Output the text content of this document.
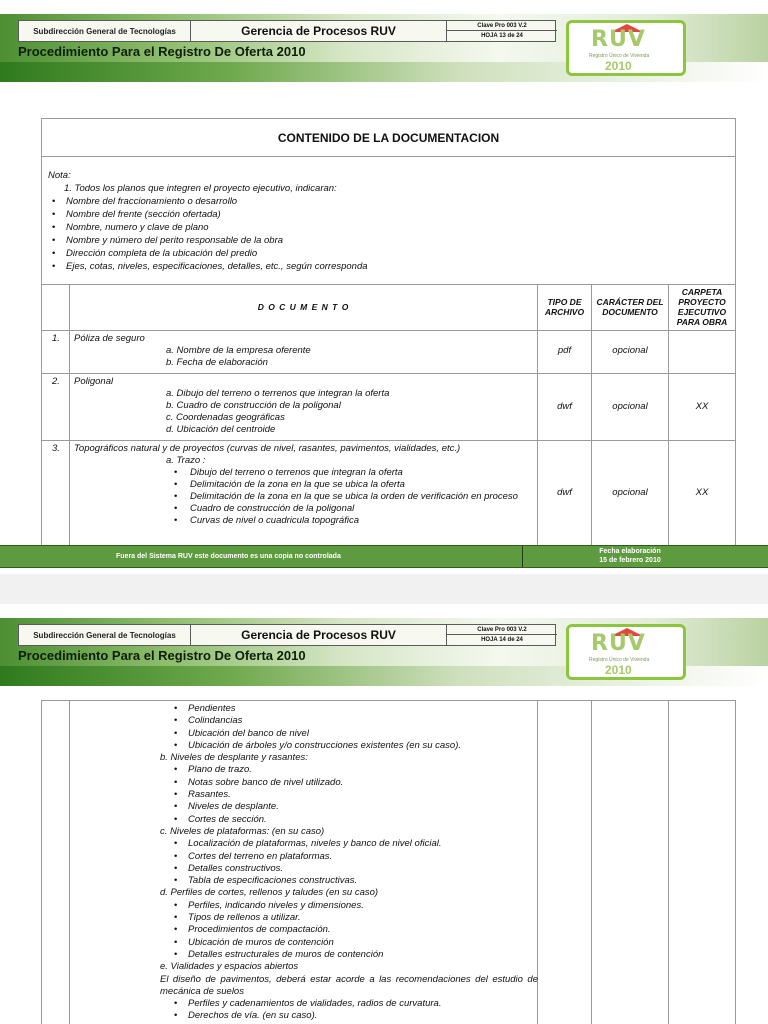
Subdirección General de Tecnologías	Gerencia de Procesos RUV	Clave Pro 003 V.2
HOJA 13 de 24
Procedimiento Para el Registro De Oferta 2010	RUV
Registro Único de Vivienda
2010
CONTENIDO DE LA DOCUMENTACION
Nota:
1. Todos los planos que integren el proyecto ejecutivo, indicaran:
• Nombre del fraccionamiento o desarrollo
• Nombre del frente (sección ofertada)
• Nombre, numero y clave de plano
• Nombre y número del perito responsable de la obra
• Dirección completa de la ubicación del predio
• Ejes, cotas, niveles, especificaciones, detalles, etc., según corresponda
D O C U M E N T O	TIPO DE ARCHIVO
CARÁCTER DEL DOCUMENTO
CARPETA PROYECTO EJECUTIVO PARA OBRA
1. Póliza de seguro
a. Nombre de la empresa oferente
b. Fecha de elaboración
pdf	opcional
2. Poligonal
a. Dibujo del terreno o terrenos que integran la oferta
b. Cuadro de construcción de la poligonal
c. Coordenadas geográficas
d. Ubicación del centroide
dwf	opcional	XX
3. Topográficos natural y de proyectos (curvas de nivel, rasantes, pavimentos, vialidades, etc.)
a. Trazo :
• Dibujo del terreno o terrenos que integran la oferta
• Delimitación de la zona en la que se ubica la oferta
• Delimitación de la zona en la que se ubica la orden de verificación en proceso
• Cuadro de construcción de la poligonal
• Curvas de nivel o cuadricula topográfica
dwf	opcional	XX
Fuera del Sistema RUV este documento es una copia no controlada
Fecha elaboración
15 de febrero 2010
Subdirección General de Tecnologías	Gerencia de Procesos RUV	Clave Pro 003 V.2
HOJA 14 de 24
Procedimiento Para el Registro De Oferta 2010	RUV
Registro Único de Vivienda
2010
• Pendientes
• Colindancias
• Ubicación del banco de nivel
• Ubicación de árboles y/o construcciones existentes (en su caso).
b. Niveles de desplante y rasantes:
• Plano de trazo.
• Notas sobre banco de nivel utilizado.
• Rasantes.
• Niveles de desplante.
• Cortes de sección.
c. Niveles de plataformas: (en su caso)
• Localización de plataformas, niveles y banco de nivel oficial.
• Cortes del terreno en plataformas.
• Detalles constructivos.
• Tabla de especificaciones constructivas.
d. Perfiles de cortes, rellenos y taludes (en su caso)
• Perfiles, indicando niveles y dimensiones.
• Tipos de rellenos a utilizar.
• Procedimientos de compactación.
• Ubicación de muros de contención
• Detalles estructurales de muros de contención
e. Vialidades y espacios abiertos
El diseño de pavimentos, deberá estar acorde a las recomendaciones del estudio de mecánica de suelos
• Perfiles y cadenamientos de vialidades, radios de curvatura.
• Derechos de vía. (en su caso).
